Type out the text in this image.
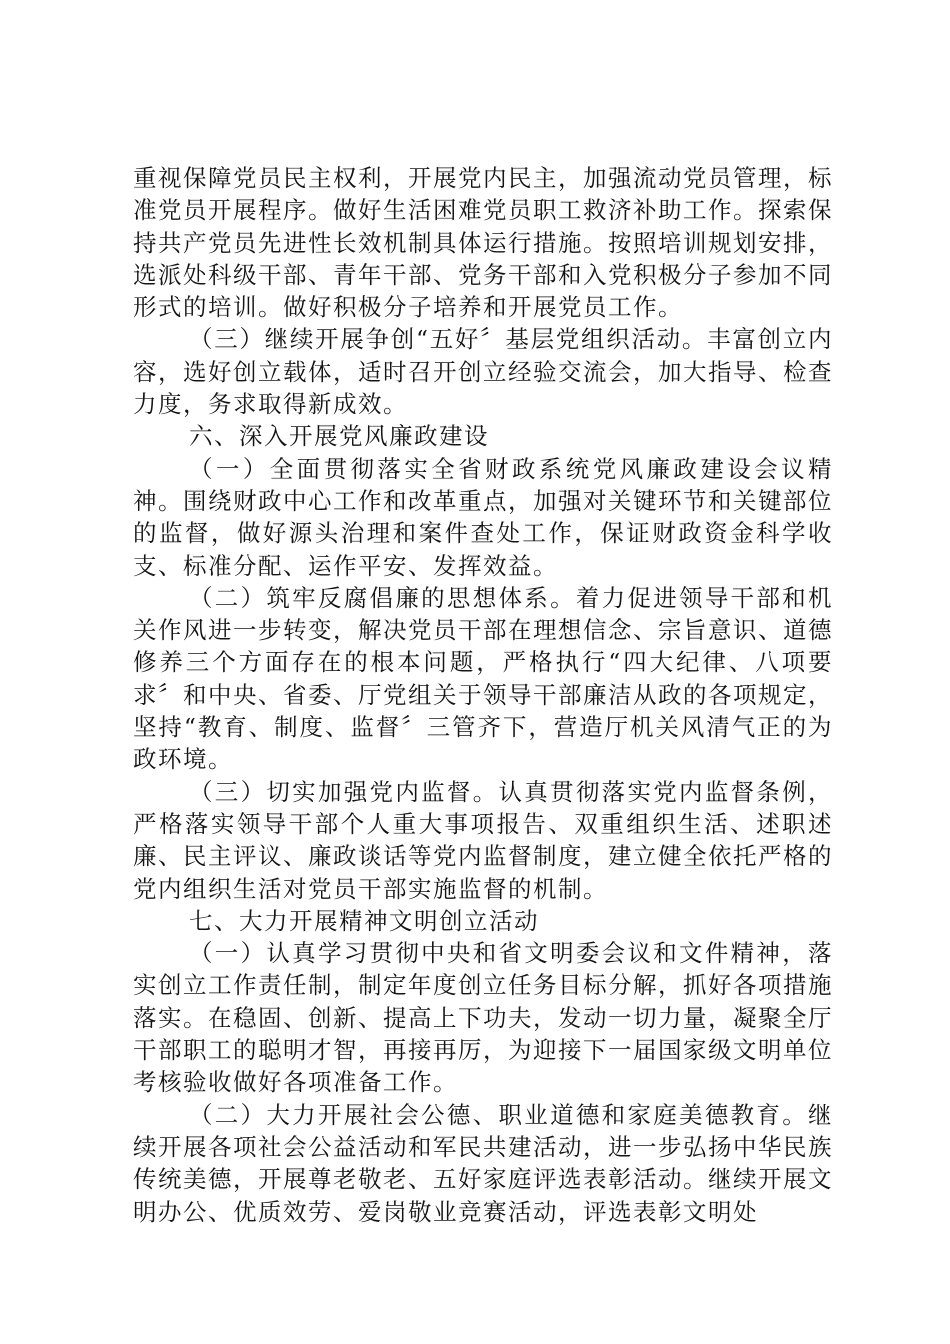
重视保障党员民主权利，开展党内民主，加强流动党员管理，标准党员开展程序。做好生活困难党员职工救济补助工作。探索保持共产党员先进性长效机制具体运行措施。按照培训规划安排，选派处科级干部、青年干部、党务干部和入党积极分子参加不同形式的培训。做好积极分子培养和开展党员工作。

（三）继续开展争创“五好〞基层党组织活动。丰富创立内容，选好创立载体，适时召开创立经验交流会，加大指导、检查力度，务求取得新成效。

六、深入开展党风廉政建设

（一）全面贯彻落实全省财政系统党风廉政建设会议精神。围绕财政中心工作和改革重点，加强对关键环节和关键部位的监督，做好源头治理和案件查处工作，保证财政资金科学收支、标准分配、运作平安、发挥效益。

（二）筑牢反腐倡廉的思想体系。着力促进领导干部和机关作风进一步转变，解决党员干部在理想信念、宗旨意识、道德修养三个方面存在的根本问题，严格执行“四大纪律、八项要求〞和中央、省委、厅党组关于领导干部廉洁从政的各项规定，坚持“教育、制度、监督〞三管齐下，营造厅机关风清气正的为政环境。

（三）切实加强党内监督。认真贯彻落实党内监督条例，严格落实领导干部个人重大事项报告、双重组织生活、述职述廉、民主评议、廉政谈话等党内监督制度，建立健全依托严格的党内组织生活对党员干部实施监督的机制。

七、大力开展精神文明创立活动

（一）认真学习贯彻中央和省文明委会议和文件精神，落实创立工作责任制，制定年度创立任务目标分解，抓好各项措施落实。在稳固、创新、提高上下功夫，发动一切力量，凝聚全厅干部职工的聪明才智，再接再厉，为迎接下一届国家级文明单位考核验收做好各项准备工作。

（二）大力开展社会公德、职业道德和家庭美德教育。继续开展各项社会公益活动和军民共建活动，进一步弘扬中华民族传统美德，开展尊老敬老、五好家庭评选表彰活动。继续开展文明办公、优质效劳、爱岗敬业竞赛活动，评选表彰文明处
